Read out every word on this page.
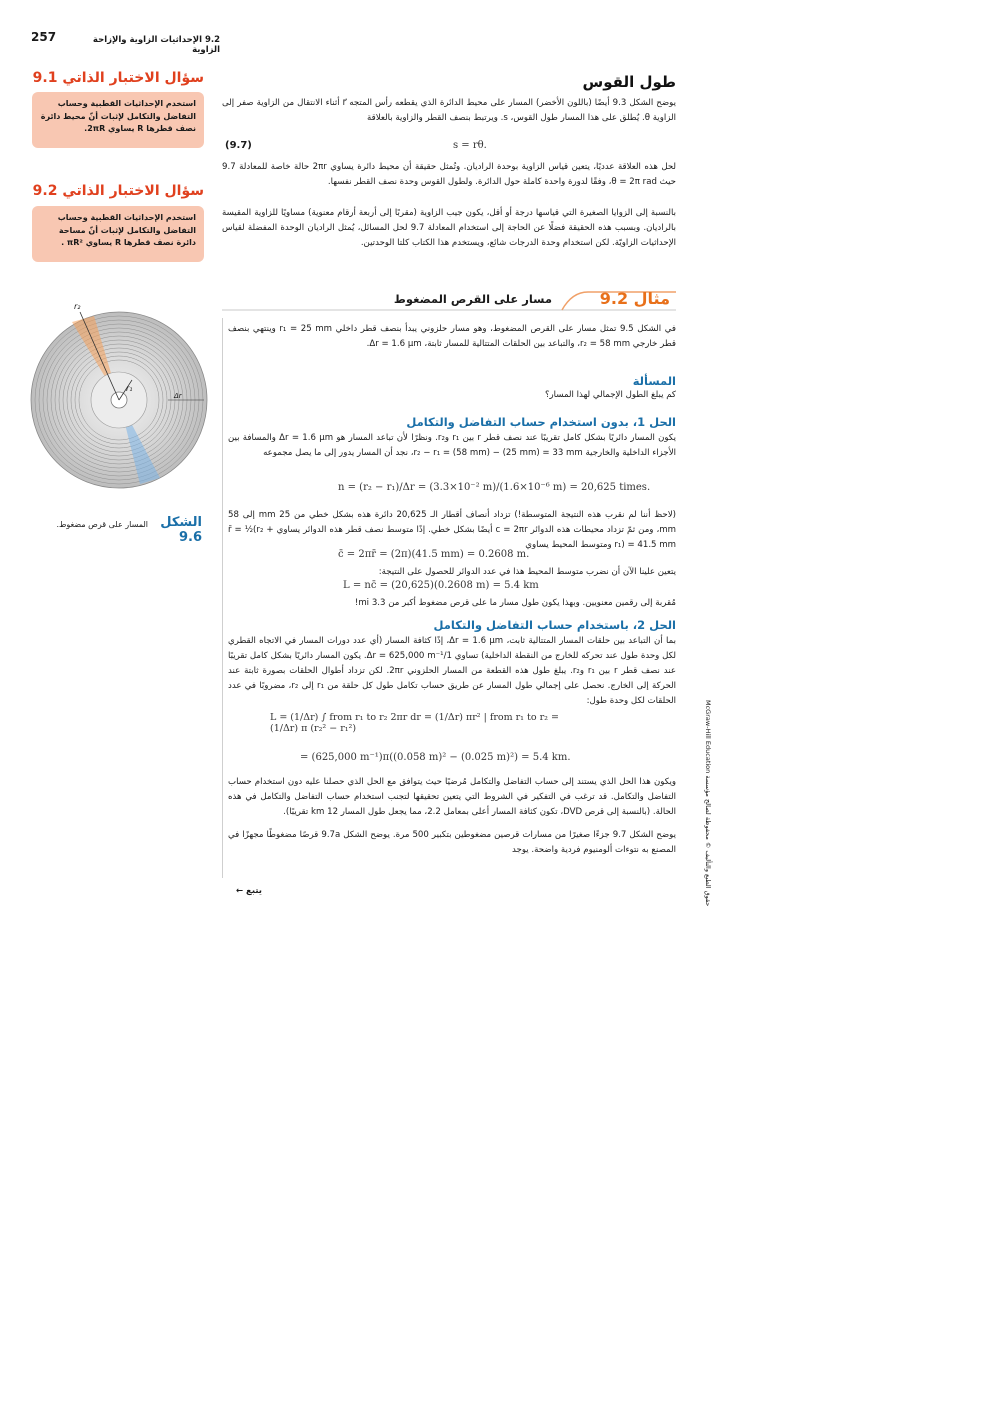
257	9.2 الإحداثيات الزاوية والإزاحة الزاوية
سؤال الاختبار الذاتي 9.1
استخدم الإحداثيات القطبية وحساب التفاضل والتكامل لإثبات أنّ محيط دائرة نصف قطرها R يساوي 2πR.
سؤال الاختبار الذاتي 9.2
استخدم الإحداثيات القطبية وحساب التفاضل والتكامل لإثبات أنّ مساحة دائرة نصف قطرها R يساوي πR² .
طول القوس
يوضح الشكل 9.3 أيضًا (باللون الأخضر) المسار على محيط الدائرة الذي يقطعه رأس المتجه r⃗ أثناء الانتقال من الزاوية صفر إلى الزاوية θ. يُطلق على هذا المسار طول القوس، s. ويرتبط بنصف القطر والزاوية بالعلاقة
s = rθ.
(9.7)
لحل هذه العلاقة عدديًا، يتعين قياس الزاوية بوحدة الراديان. وتُمثل حقيقة أن محيط دائرة يساوي 2πr حالة خاصة للمعادلة 9.7 حيث θ = 2π rad، وفقًا لدورة واحدة كاملة حول الدائرة. ولطول القوس وحدة نصف القطر نفسها.
بالنسبة إلى الزوايا الصغيرة التي قياسها درجة أو أقل، يكون جيب الزاوية (مقربًا إلى أربعة أرقام معنوية) مساويًا للزاوية المقيسة بالراديان. وبسبب هذه الحقيقة فضلًا عن الحاجة إلى استخدام المعادلة 9.7 لحل المسائل، يُمثل الراديان الوحدة المفضلة لقياس الإحداثيات الزاويّة. لكن استخدام وحدة الدرجات شائع، ويستخدم هذا الكتاب كلتا الوحدتين.
مثال 9.2
مسار على القرص المضغوط
في الشكل 9.5 تمثل مسار على القرص المضغوط، وهو مسار حلزوني يبدأ بنصف قطر داخلي r₁ = 25 mm وينتهي بنصف قطر خارجي r₂ = 58 mm، والتباعد بين الحلقات المتتالية للمسار ثابتة، Δr = 1.6 μm.
المسألة
كم يبلغ الطول الإجمالي لهذا المسار؟
الحل 1، بدون استخدام حساب التفاضل والتكامل
يكون المسار دائريًا بشكل كامل تقريبًا عند نصف قطر r بين r₁ وr₂. ونظرًا لأن تباعد المسار هو Δr = 1.6 μm والمسافة بين الأجزاء الداخلية والخارجية r₂ − r₁ = (58 mm) − (25 mm) = 33 mm، نجد أن المسار يدور إلى ما يصل مجموعه
n = (r₂ − r₁)/Δr = (3.3×10⁻² m)/(1.6×10⁻⁶ m) = 20,625 times.
(لاحظ أننا لم نقرب هذه النتيجة المتوسطة!) تزداد أنصاف أقطار الـ 20,625 دائرة هذه بشكل خطي من 25 mm إلى 58 mm، ومن ثمّ تزداد محيطات هذه الدوائر c = 2πr أيضًا بشكل خطي. إذًا متوسط نصف قطر هذه الدوائر يساوي r̄ = ½(r₂ + r₁) = 41.5 mm ومتوسط المحيط يساوي
c̄ = 2πr̄ = (2π)(41.5 mm) = 0.2608 m.
يتعين علينا الآن أن نضرب متوسط المحيط هذا في عدد الدوائر للحصول على النتيجة:
L = nc̄ = (20,625)(0.2608 m) = 5.4 km
مُقربة إلى رقمين معنويين. وبهذا يكون طول مسار ما على قرص مضغوط أكبر من 3.3 mi!
الحل 2، باستخدام حساب التفاضل والتكامل
بما أن التباعد بين حلقات المسار المتتالية ثابت، Δr = 1.6 μm، إذًا كثافة المسار (أي عدد دورات المسار في الاتجاه القطري لكل وحدة طول عند تحركه للخارج من النقطة الداخلية) تساوي 1/Δr = 625,000 m⁻¹. يكون المسار دائريًا بشكل كامل تقريبًا عند نصف قطر r بين r₁ وr₂. يبلغ طول هذه القطعة من المسار الحلزوني 2πr. لكن تزداد أطوال الحلقات بصورة ثابتة عند الحركة إلى الخارج. نحصل على إجمالي طول المسار عن طريق حساب تكامل طول كل حلقة من r₁ إلى r₂، مضروبًا في عدد الحلقات لكل وحدة طول:
L = (1/Δr) ∫ from r₁ to r₂ 2πr dr = (1/Δr) πr² | from r₁ to r₂ = (1/Δr) π (r₂² − r₁²)
= (625,000 m⁻¹)π((0.058 m)² − (0.025 m)²) = 5.4 km.
ويكون هذا الحل الذي يستند إلى حساب التفاضل والتكامل مُرضيًا حيث يتوافق مع الحل الذي حصلنا عليه دون استخدام حساب التفاضل والتكامل. قد ترغب في التفكير في الشروط التي يتعين تحقيقها لتجنب استخدام حساب التفاضل والتكامل في هذه الحالة. (بالنسبة إلى قرص DVD، تكون كثافة المسار أعلى بمعامل 2.2، مما يجعل طول المسار 12 km تقريبًا).
يوضح الشكل 9.7 جزءًا صغيرًا من مسارات قرصين مضغوطين بتكبير 500 مرة. يوضح الشكل 9.7a قرصًا مضغوطًا مجهزًا في المصنع به نتوءات ألومنيوم فردية واضحة. يوجد
يتبع ←
r₂
r₁
Δr
الشكل 9.6
المسار على قرص مضغوط.
McGraw-Hill Education حقوق الطبع والتأليف © محفوظة لصالح مؤسسة
